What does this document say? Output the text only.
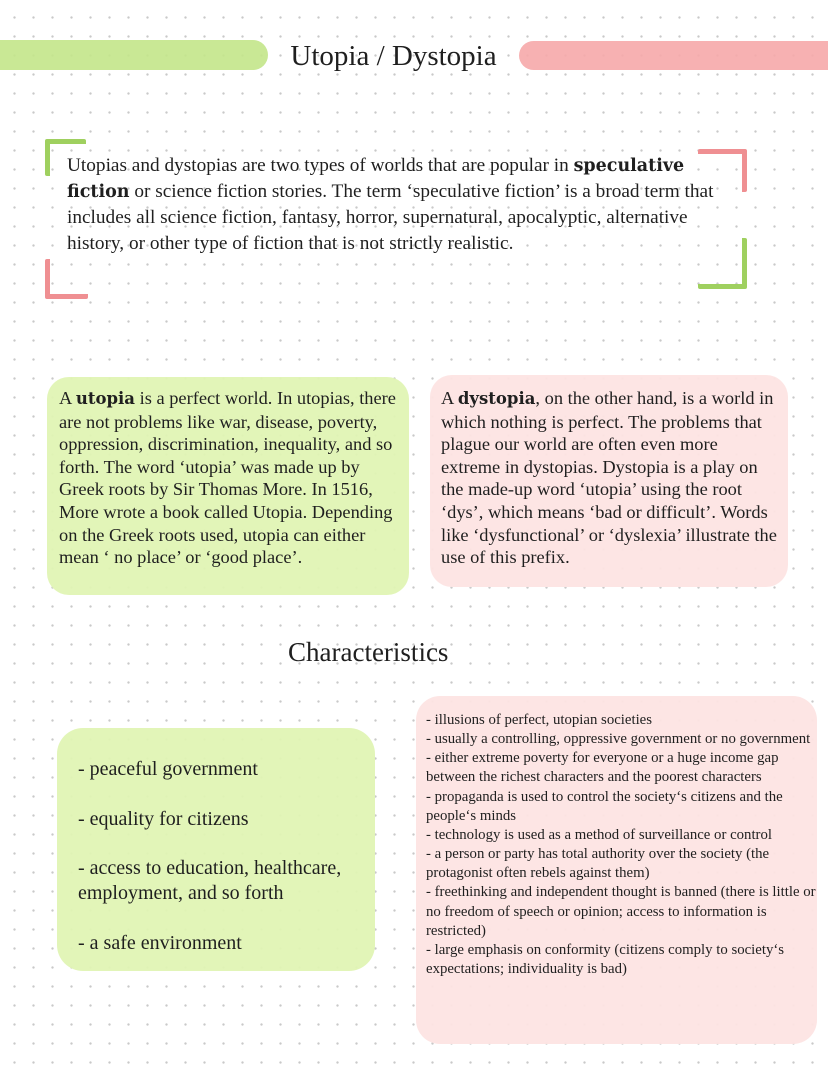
Utopia / Dystopia
Utopias and dystopias are two types of worlds that are popular in speculative fiction or science fiction stories. The term ‘speculative fiction’ is a broad term that includes all science fiction, fantasy, horror, supernatural, apocalyptic, alternative history, or other type of fiction that is not strictly realistic.
A utopia is a perfect world. In utopias, there are not problems like war, disease, poverty, oppression, discrimination, inequality, and so forth. The word ‘utopia’ was made up by Greek roots by Sir Thomas More. In 1516, More wrote a book called Utopia. Depending on the Greek roots used, utopia can either mean ‘ no place’ or ‘good place’.
A dystopia, on the other hand, is a world in which nothing is perfect. The problems that plague our world are often even more extreme in dystopias. Dystopia is a play on the made-up word ‘utopia’ using the root ‘dys’, which means ‘bad or difficult’. Words like ‘dysfunctional’ or ‘dyslexia’ illustrate the use of this prefix.
Characteristics
- peaceful government
- equality for citizens
- access to education, healthcare, employment, and so forth
- a safe environment
- illusions of perfect, utopian societies
- usually a controlling, oppressive government or no government
- either extreme poverty for everyone or a huge income gap between the richest characters and the poorest characters
- propaganda is used to control the society‘s citizens and the people‘s minds
- technology is used as a method of surveillance or control
- a person or party has total authority over the society (the protagonist often rebels against them)
- freethinking and independent thought is banned (there is little or no freedom of speech or opinion; access to information is restricted)
- large emphasis on conformity (citizens comply to society‘s expectations; individuality is bad)
